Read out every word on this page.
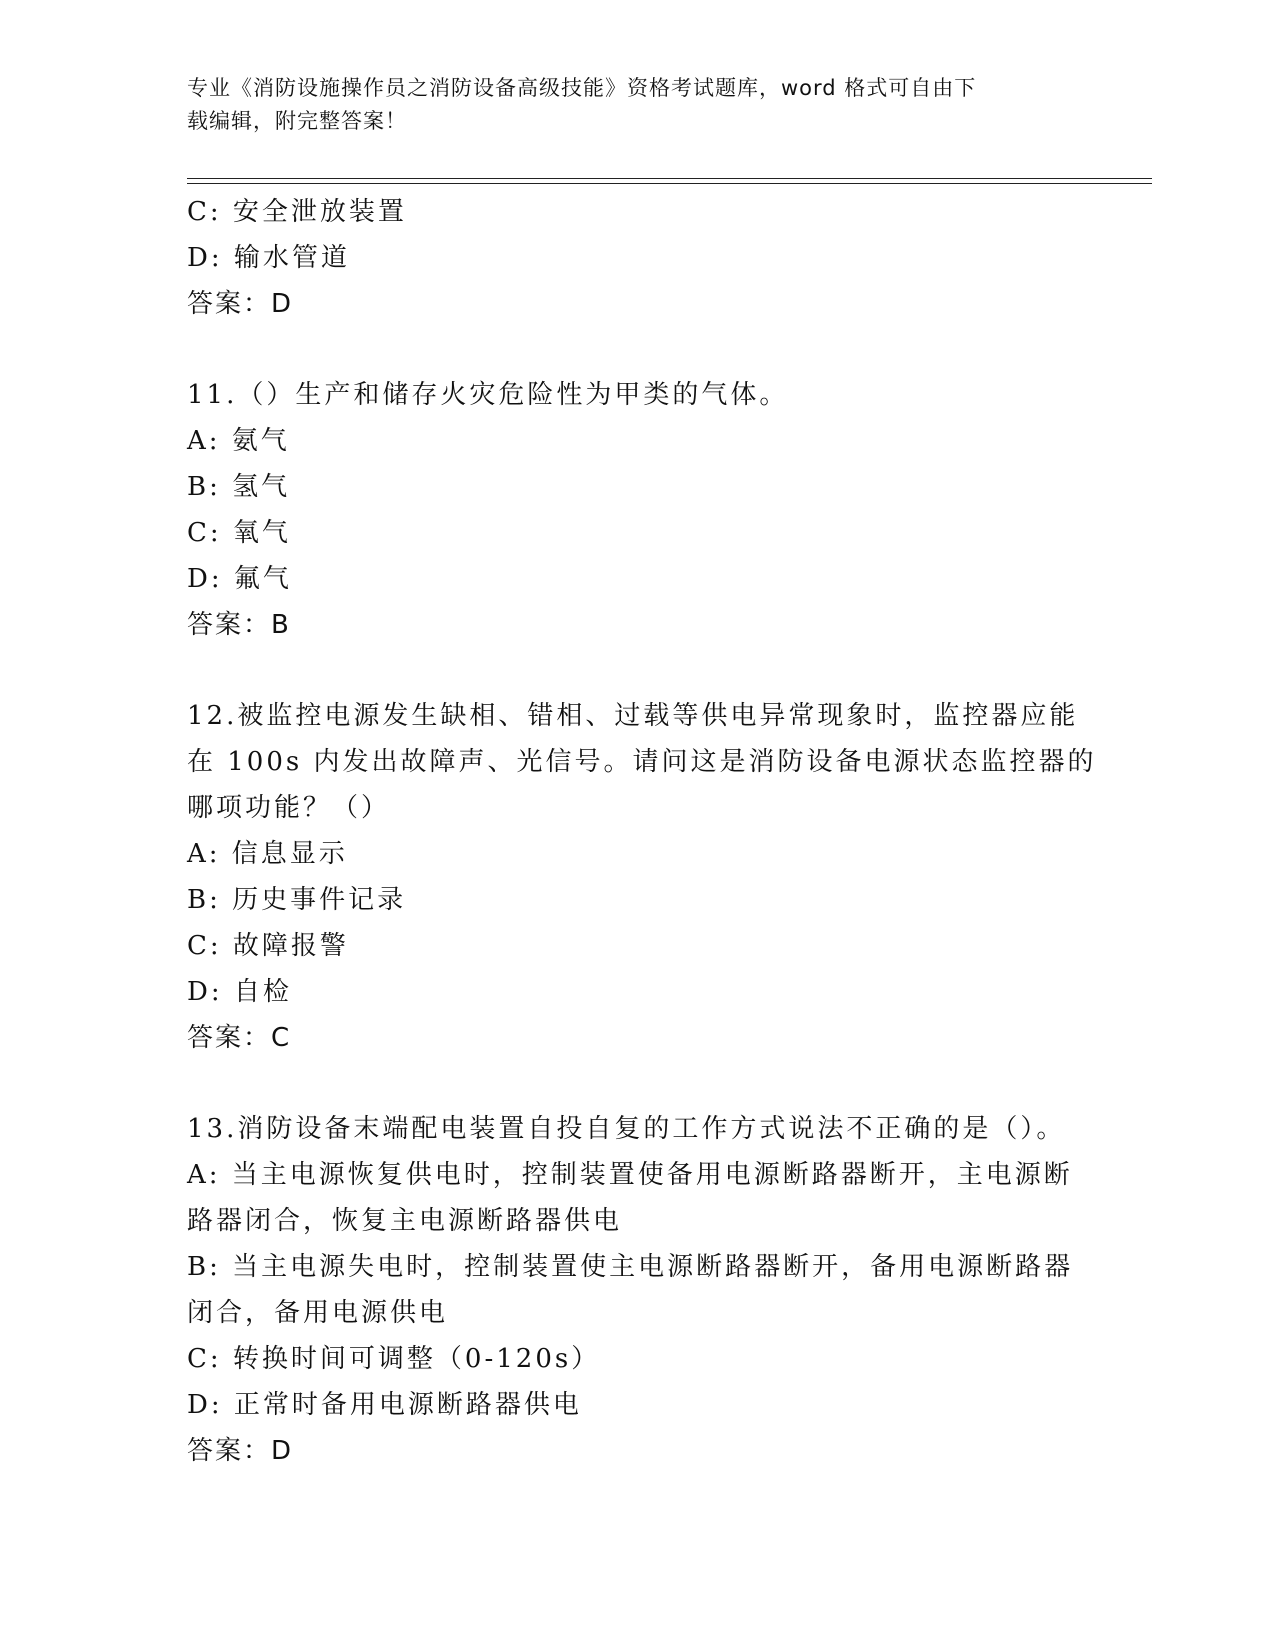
专业《消防设施操作员之消防设备高级技能》资格考试题库，word 格式可自由下
载编辑，附完整答案！
C: 安全泄放装置
D: 输水管道
答案：D
11.（）生产和储存火灾危险性为甲类的气体。
A: 氨气
B: 氢气
C: 氧气
D: 氟气
答案：B
12.被监控电源发生缺相、错相、过载等供电异常现象时，监控器应能
在 100s 内发出故障声、光信号。请问这是消防设备电源状态监控器的
哪项功能？（）
A: 信息显示
B: 历史事件记录
C: 故障报警
D: 自检
答案：C
13.消防设备末端配电装置自投自复的工作方式说法不正确的是（）。
A: 当主电源恢复供电时，控制装置使备用电源断路器断开，主电源断
路器闭合，恢复主电源断路器供电
B: 当主电源失电时，控制装置使主电源断路器断开，备用电源断路器
闭合，备用电源供电
C: 转换时间可调整（0-120s）
D: 正常时备用电源断路器供电
答案：D
